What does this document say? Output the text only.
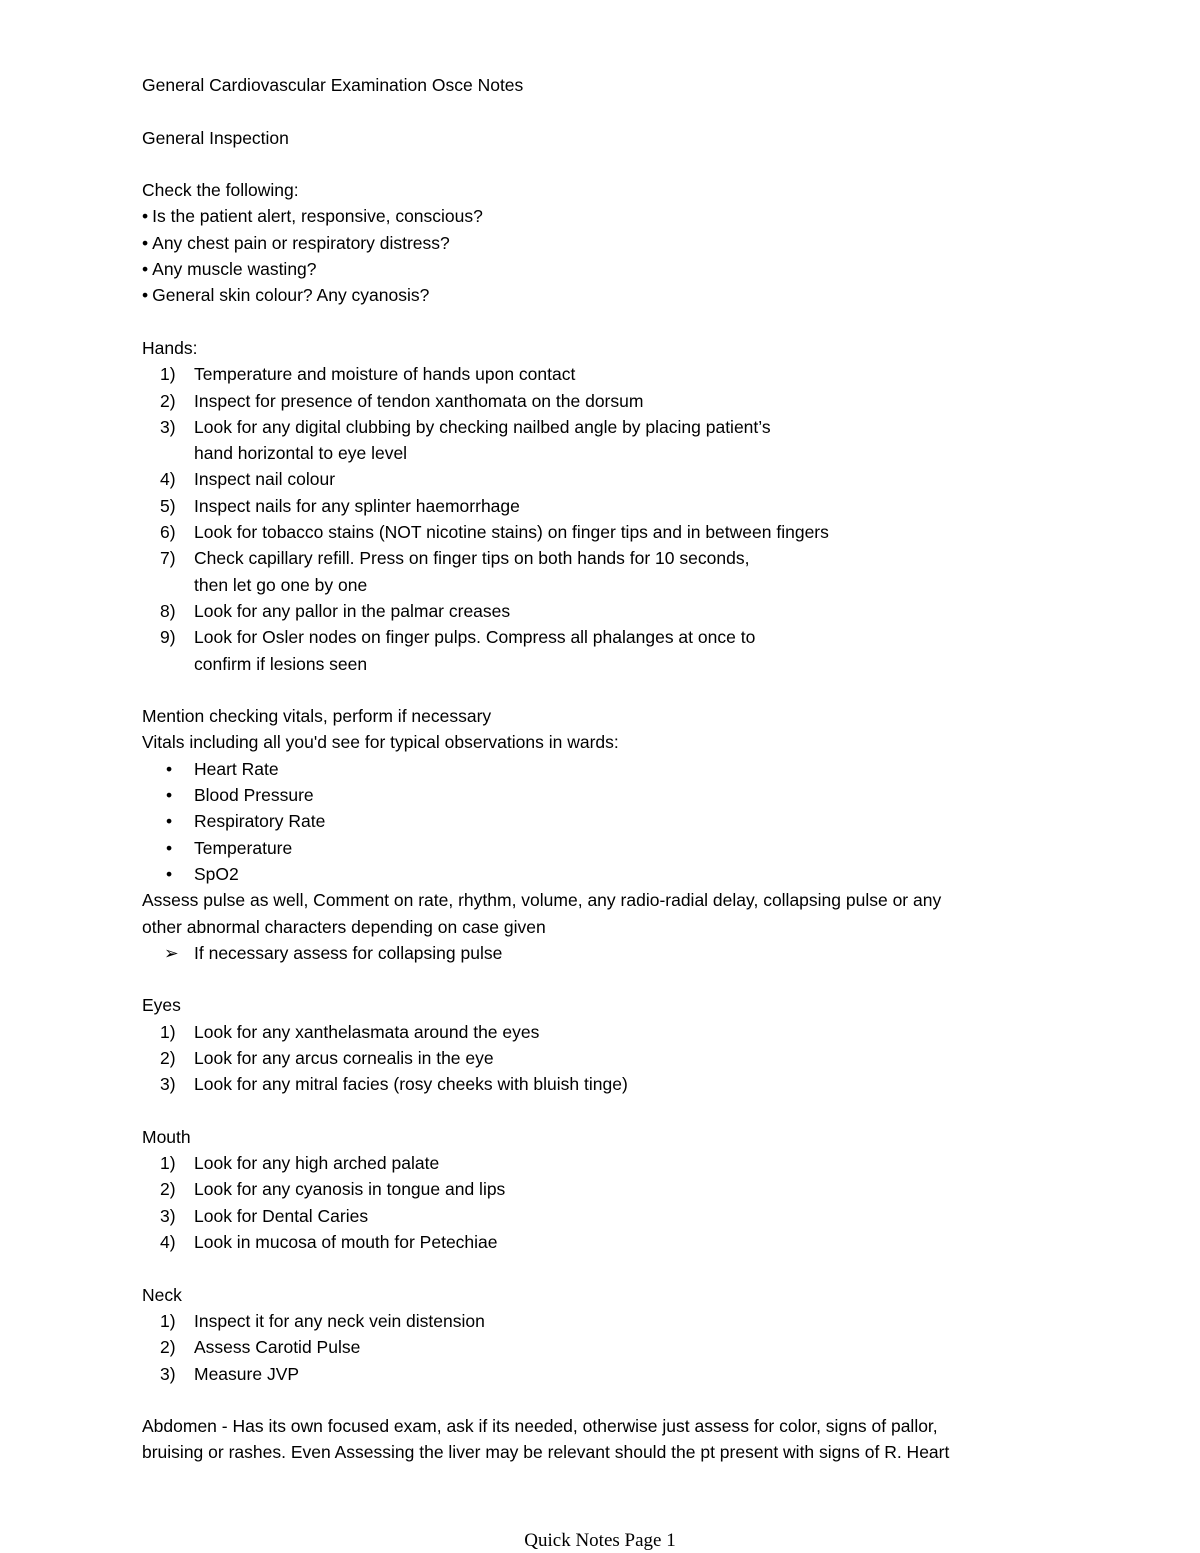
General Cardiovascular Examination Osce Notes
General Inspection
Check the following:
• Is the patient alert, responsive, conscious?
• Any chest pain or respiratory distress?
• Any muscle wasting?
• General skin colour? Any cyanosis?
Hands:
1)	Temperature and moisture of hands upon contact
2)	Inspect for presence of tendon xanthomata on the dorsum
3)	Look for any digital clubbing by checking nailbed angle by placing patient’s
hand horizontal to eye level
4)	Inspect nail colour
5)	Inspect nails for any splinter haemorrhage
6)	Look for tobacco stains (NOT nicotine stains) on finger tips and in between fingers
7)	Check capillary refill. Press on finger tips on both hands for 10 seconds,
then let go one by one
8)	Look for any pallor in the palmar creases
9)	Look for Osler nodes on finger pulps. Compress all phalanges at once to
confirm if lesions seen
Mention checking vitals, perform if necessary
Vitals including all you'd see for typical observations in wards:
•	Heart Rate
•	Blood Pressure
•	Respiratory Rate
•	Temperature
•	SpO2
Assess pulse as well, Comment on rate, rhythm, volume, any radio-radial delay, collapsing pulse or any
other abnormal characters depending on case given
➢ If necessary assess for collapsing pulse
Eyes
1)	Look for any xanthelasmata around the eyes
2)	Look for any arcus cornealis in the eye
3)	Look for any mitral facies (rosy cheeks with bluish tinge)
Mouth
1)	Look for any high arched palate
2)	Look for any cyanosis in tongue and lips
3)	Look for Dental Caries
4)	Look in mucosa of mouth for Petechiae
Neck
1)	Inspect it for any neck vein distension
2)	Assess Carotid Pulse
3)	Measure JVP
Abdomen - Has its own focused exam, ask if its needed, otherwise just assess for color, signs of pallor,
bruising or rashes. Even Assessing the liver may be relevant should the pt present with signs of R. Heart
Quick Notes Page 1
